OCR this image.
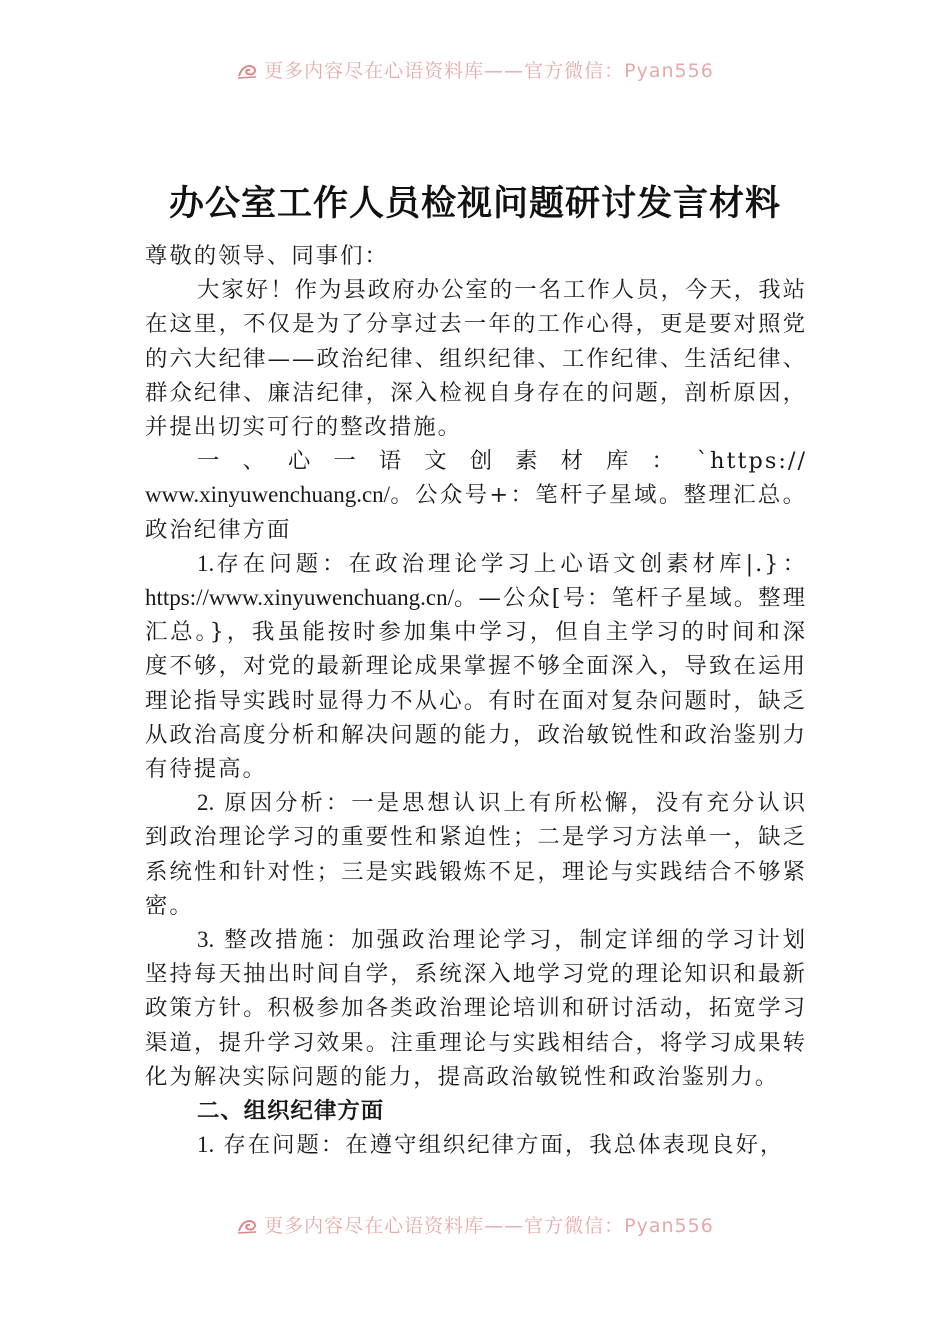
更多内容尽在心语资料库——官方微信：Pyan556
办公室工作人员检视问题研讨发言材料

尊敬的领导、同事们：

大家好！作为县政府办公室的一名工作人员，今天，我站在这里，不仅是为了分享过去一年的工作心得，更是要对照党的六大纪律——政治纪律、组织纪律、工作纪律、生活纪律、群众纪律、廉洁纪律，深入检视自身存在的问题，剖析原因，并提出切实可行的整改措施。

一 、 心 一 语 文 创 素 材 库 ： `https://
www.xinyuwenchuang.cn/。公众号+：笔杆子星域。整理汇总。政治纪律方面

1.存在问题：在政治理论学习上心语文创素材库|.}：https://www.xinyuwenchuang.cn/。—公众[号：笔杆子星域。整理汇总。}，我虽能按时参加集中学习，但自主学习的时间和深度不够，对党的最新理论成果掌握不够全面深入，导致在运用理论指导实践时显得力不从心。有时在面对复杂问题时，缺乏从政治高度分析和解决问题的能力，政治敏锐性和政治鉴别力有待提高。

2. 原因分析：一是思想认识上有所松懈，没有充分认识到政治理论学习的重要性和紧迫性；二是学习方法单一，缺乏系统性和针对性；三是实践锻炼不足，理论与实践结合不够紧密。

3. 整改措施：加强政治理论学习，制定详细的学习计划坚持每天抽出时间自学，系统深入地学习党的理论知识和最新政策方针。积极参加各类政治理论培训和研讨活动，拓宽学习渠道，提升学习效果。注重理论与实践相结合，将学习成果转化为解决实际问题的能力，提高政治敏锐性和政治鉴别力。

二、组织纪律方面

1. 存在问题：在遵守组织纪律方面，我总体表现良好，

更多内容尽在心语资料库——官方微信：Pyan556
